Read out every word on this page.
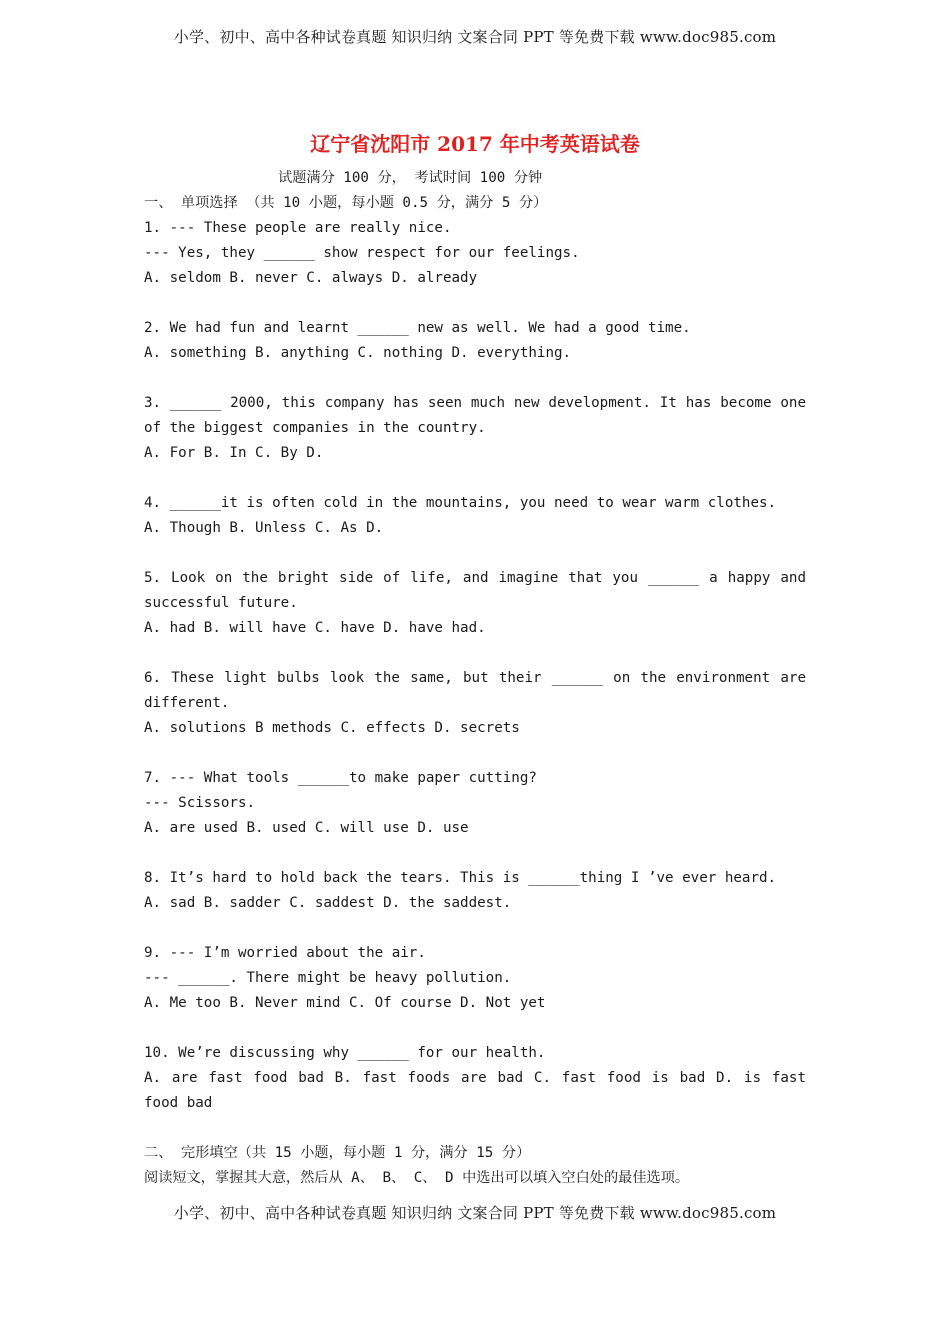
小学、初中、高中各种试卷真题 知识归纳 文案合同 PPT 等免费下载 www.doc985.com
辽宁省沈阳市 2017 年中考英语试卷
试题满分 100 分， 考试时间 100 分钟
一、 单项选择 （共 10 小题，每小题 0.5 分，满分 5 分）
1. --- These people are really nice.
--- Yes, they ______ show respect for our feelings.
A. seldom B. never C. always D. already
2. We had fun and learnt ______ new as well. We had a good time.
A. something B. anything C. nothing D. everything.
3. ______ 2000, this company has seen much new development. It has become one of the biggest companies in the country.
A. For B. In C. By D.
4. ______it is often cold in the mountains, you need to wear warm clothes.
A. Though B. Unless C. As D.
5. Look on the bright side of life, and imagine that you ______ a happy and successful future.
A. had B. will have C. have D. have had.
6. These light bulbs look the same, but their ______ on the environment are different.
A. solutions B methods C. effects D. secrets
7. --- What tools ______to make paper cutting?
--- Scissors.
A. are used B. used C. will use D. use
8. It’s hard to hold back the tears. This is ______thing I ’ve ever heard.
A. sad B. sadder C. saddest D. the saddest.
9. --- I’m worried about the air.
--- ______. There might be heavy pollution.
A. Me too B. Never mind C. Of course D. Not yet
10. We’re discussing why ______ for our health.
A. are fast food bad B. fast foods are bad C. fast food is bad D. is fast food bad
二、 完形填空（共 15 小题，每小题 1 分，满分 15 分）
阅读短文，掌握其大意，然后从 A、 B、 C、 D 中选出可以填入空白处的最佳选项。
小学、初中、高中各种试卷真题 知识归纳 文案合同 PPT 等免费下载 www.doc985.com
